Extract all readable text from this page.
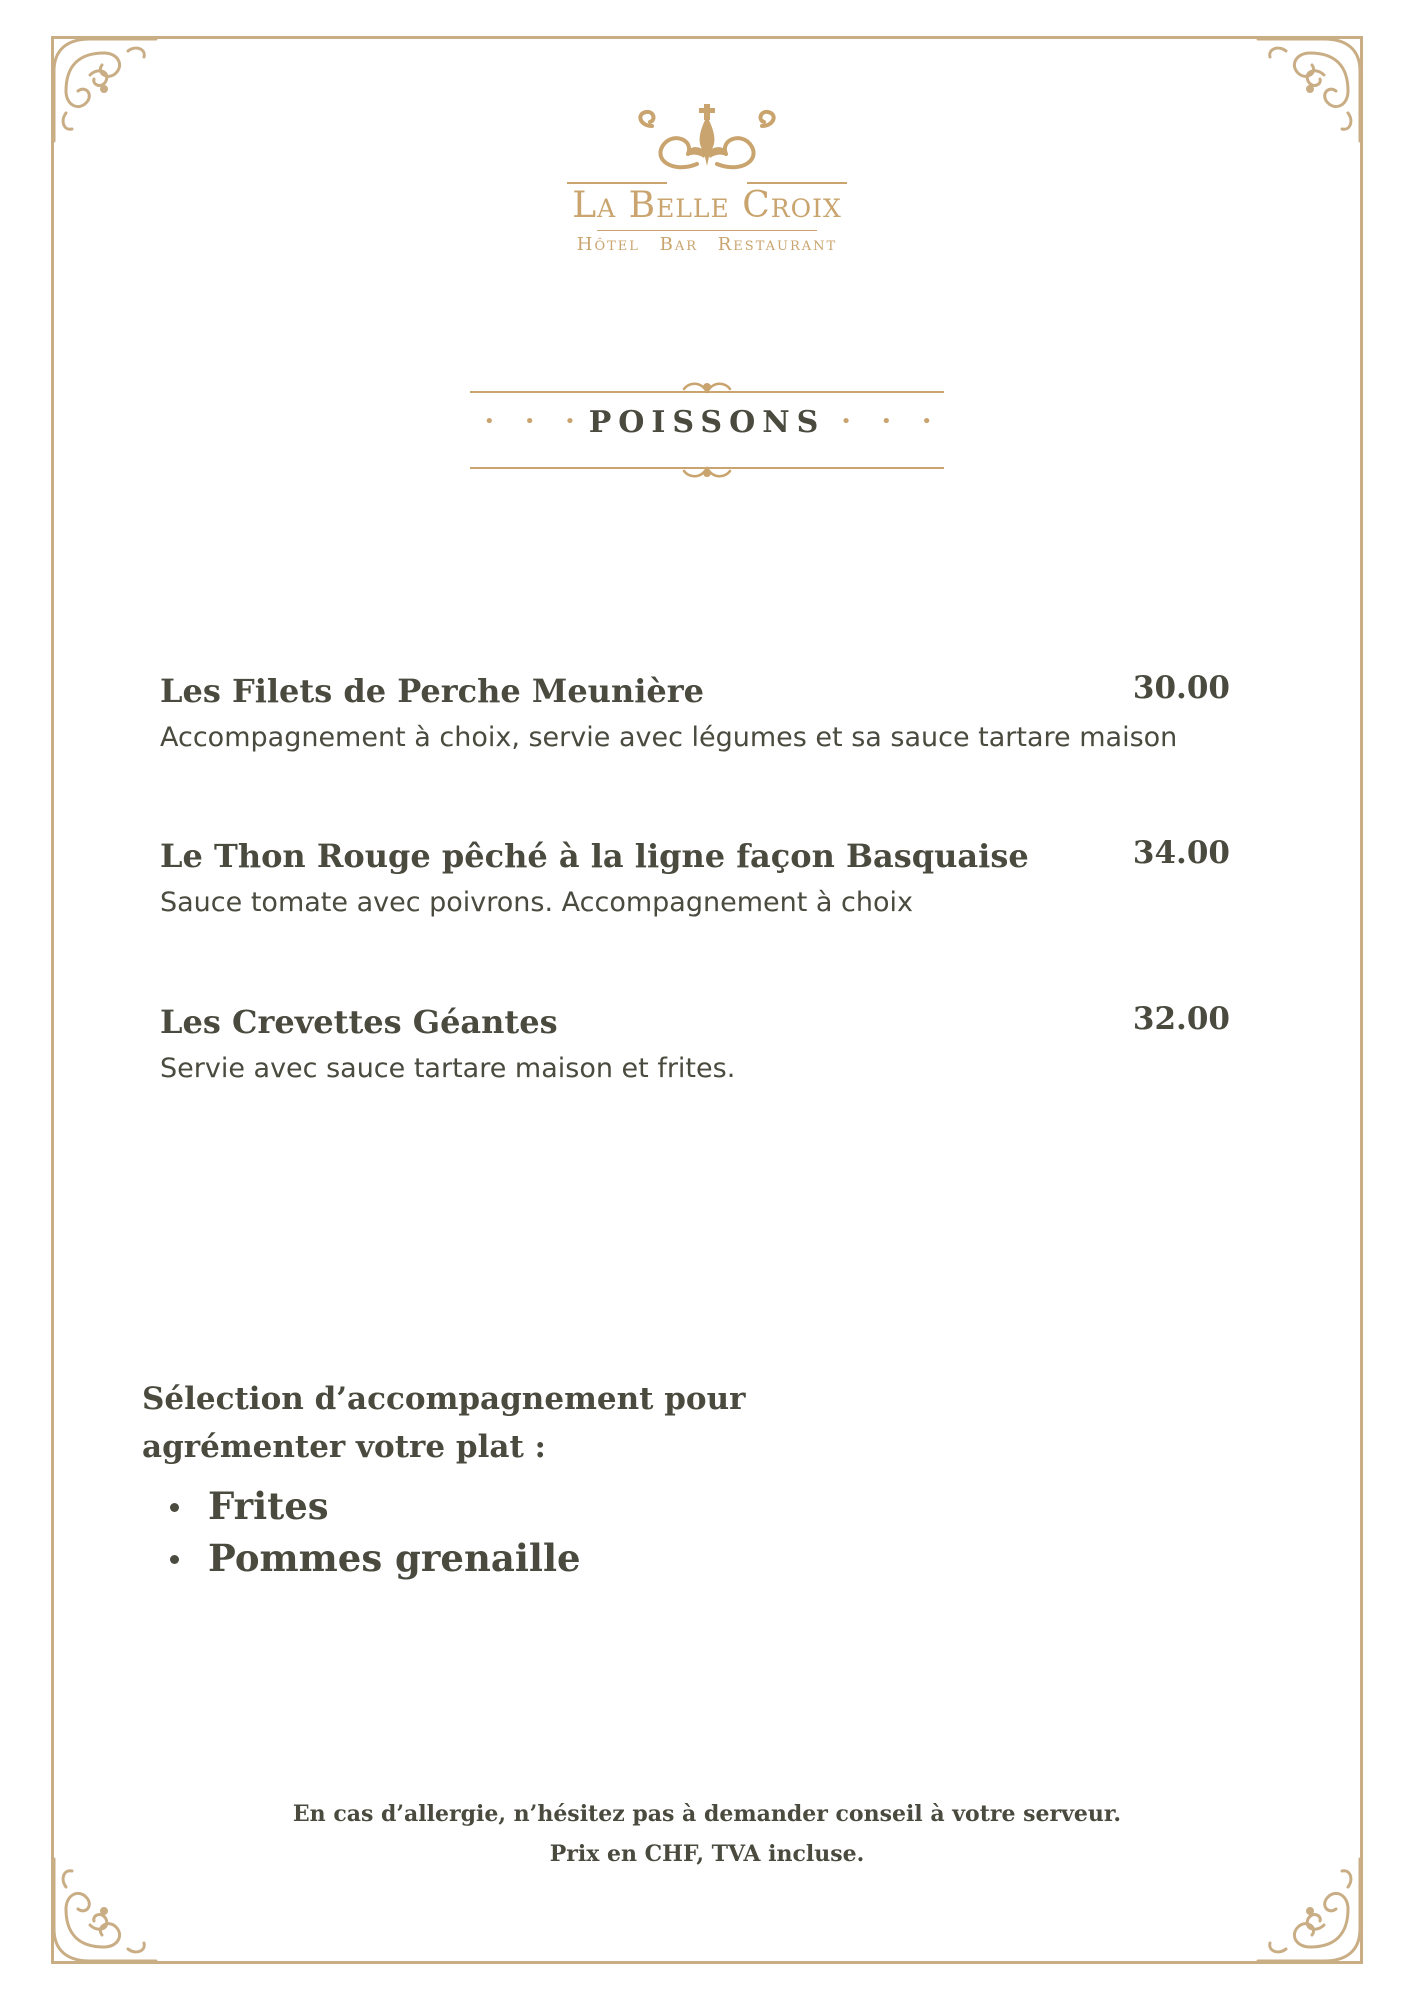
La Belle Croix
Hôtel Bar Restaurant
• • • POISSONS • • •
Les Filets de Perche Meunière	30.00
Accompagnement à choix, servie avec légumes et sa sauce tartare maison
Le Thon Rouge pêché à la ligne façon Basquaise	34.00
Sauce tomate avec poivrons. Accompagnement à choix
Les Crevettes Géantes	32.00
Servie avec sauce tartare maison et frites.
Sélection d’accompagnement pour
agrémenter votre plat :
Frites
Pommes grenaille
En cas d’allergie, n’hésitez pas à demander conseil à votre serveur.
Prix en CHF, TVA incluse.
